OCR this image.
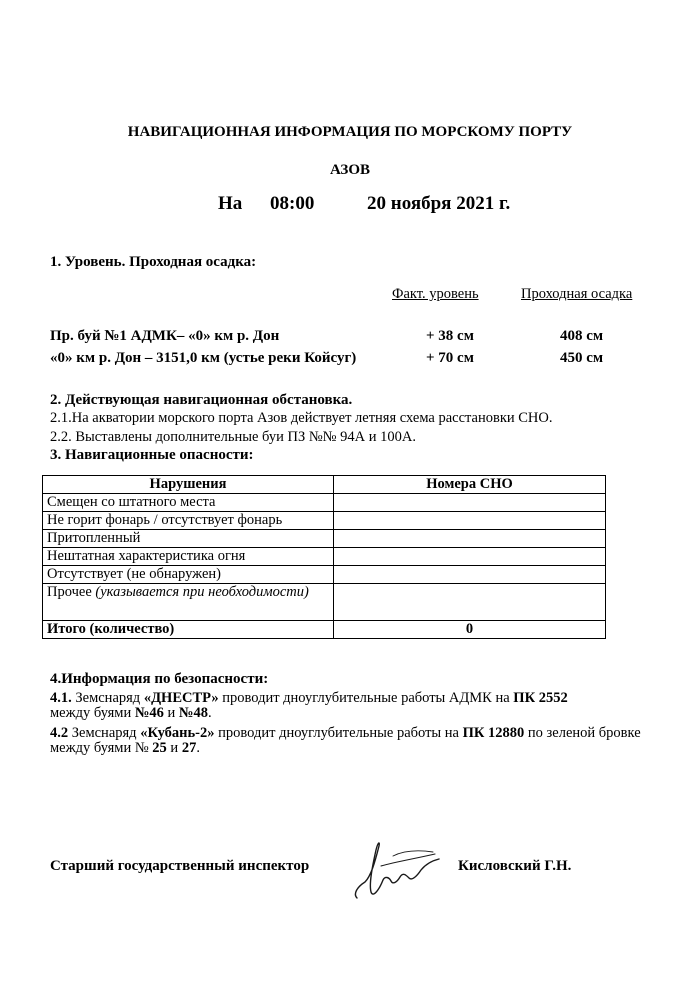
НАВИГАЦИОННАЯ ИНФОРМАЦИЯ ПО МОРСКОМУ ПОРТУ
АЗОВ
На 08:00	20 ноября 2021 г.
1. Уровень. Проходная осадка:
Факт. уровень	Проходная осадка
Пр. буй №1 АДМК– «0» км р. Дон	+ 38 см	408 см
«0» км р. Дон – 3151,0 км (устье реки Койсуг)	+ 70 см	450 см
2. Действующая навигационная обстановка.
2.1.На акватории морского порта Азов действует летняя схема расстановки СНО.
2.2. Выставлены дополнительные буи ПЗ №№ 94А и 100А.
3. Навигационные опасности:
Нарушения	Номера СНО
Смещен со штатного места	
Не горит фонарь / отсутствует фонарь	
Притопленный	
Нештатная характеристика огня	
Отсутствует (не обнаружен)	
Прочее (указывается при необходимости)	
Итого (количество)	0
4.Информация по безопасности:
4.1. Земснаряд «ДНЕСТР» проводит дноуглубительные работы АДМК на ПК 2552
между буями №46 и №48.
4.2 Земснаряд «Кубань-2» проводит дноуглубительные работы на ПК 12880 по зеленой бровке между буями № 25 и 27.
Старший государственный инспектор	Кисловский Г.Н.
